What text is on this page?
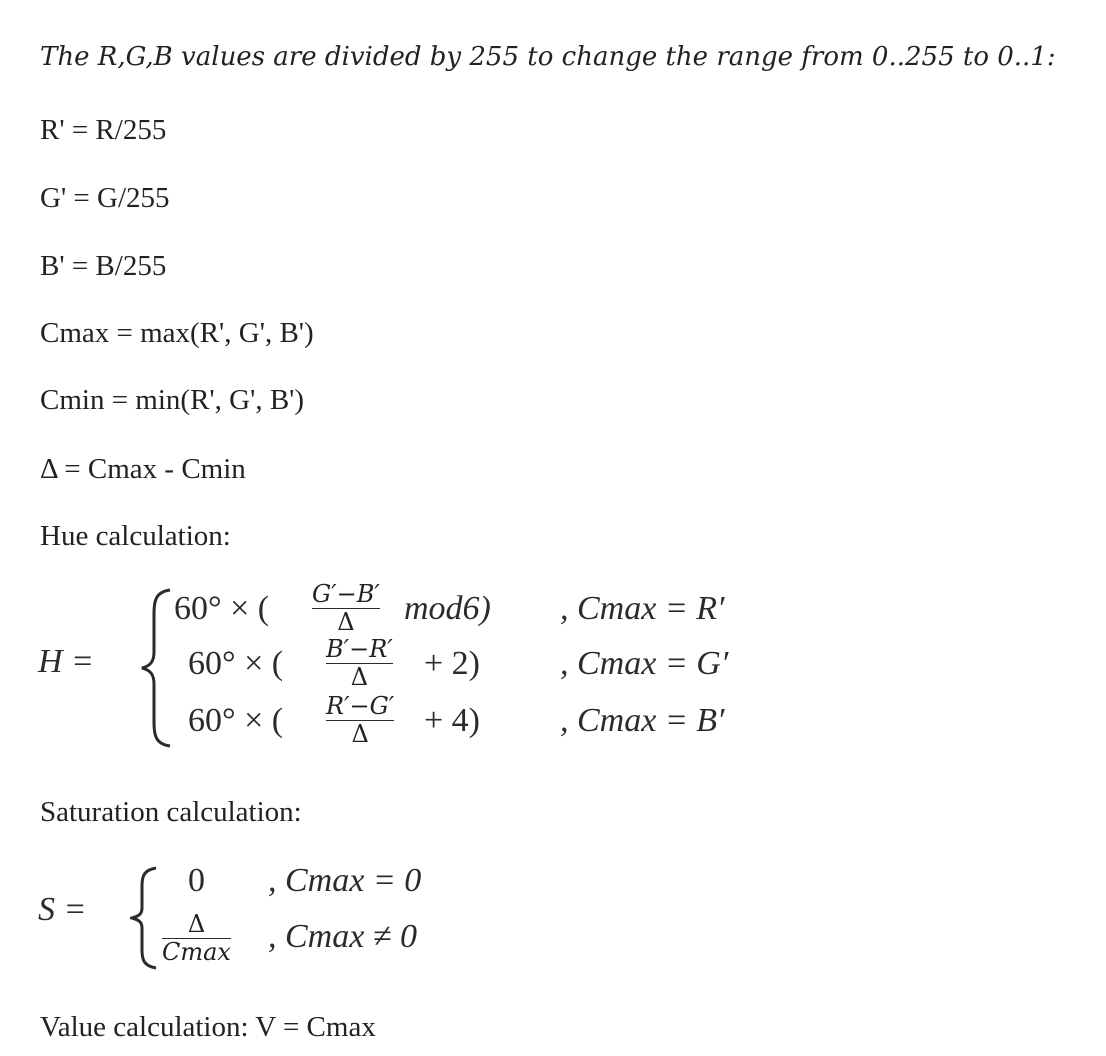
The R,G,B values are divided by 255 to change the range from 0..255 to 0..1:
R' = R/255
G' = G/255
B' = B/255
Cmax = max(R', G', B')
Cmin = min(R', G', B')
Δ = Cmax - Cmin
Hue calculation:
H =
60° × ( G′−B′
Δ	mod6) , Cmax = R′
60° × ( B′−R′
Δ	+ 2) , Cmax = G′
60° × ( R′−G′
Δ	+ 4) , Cmax = B′
Saturation calculation:
S =
0 , Cmax = 0
Δ
Cmax , Cmax ≠ 0
Value calculation: V = Cmax
